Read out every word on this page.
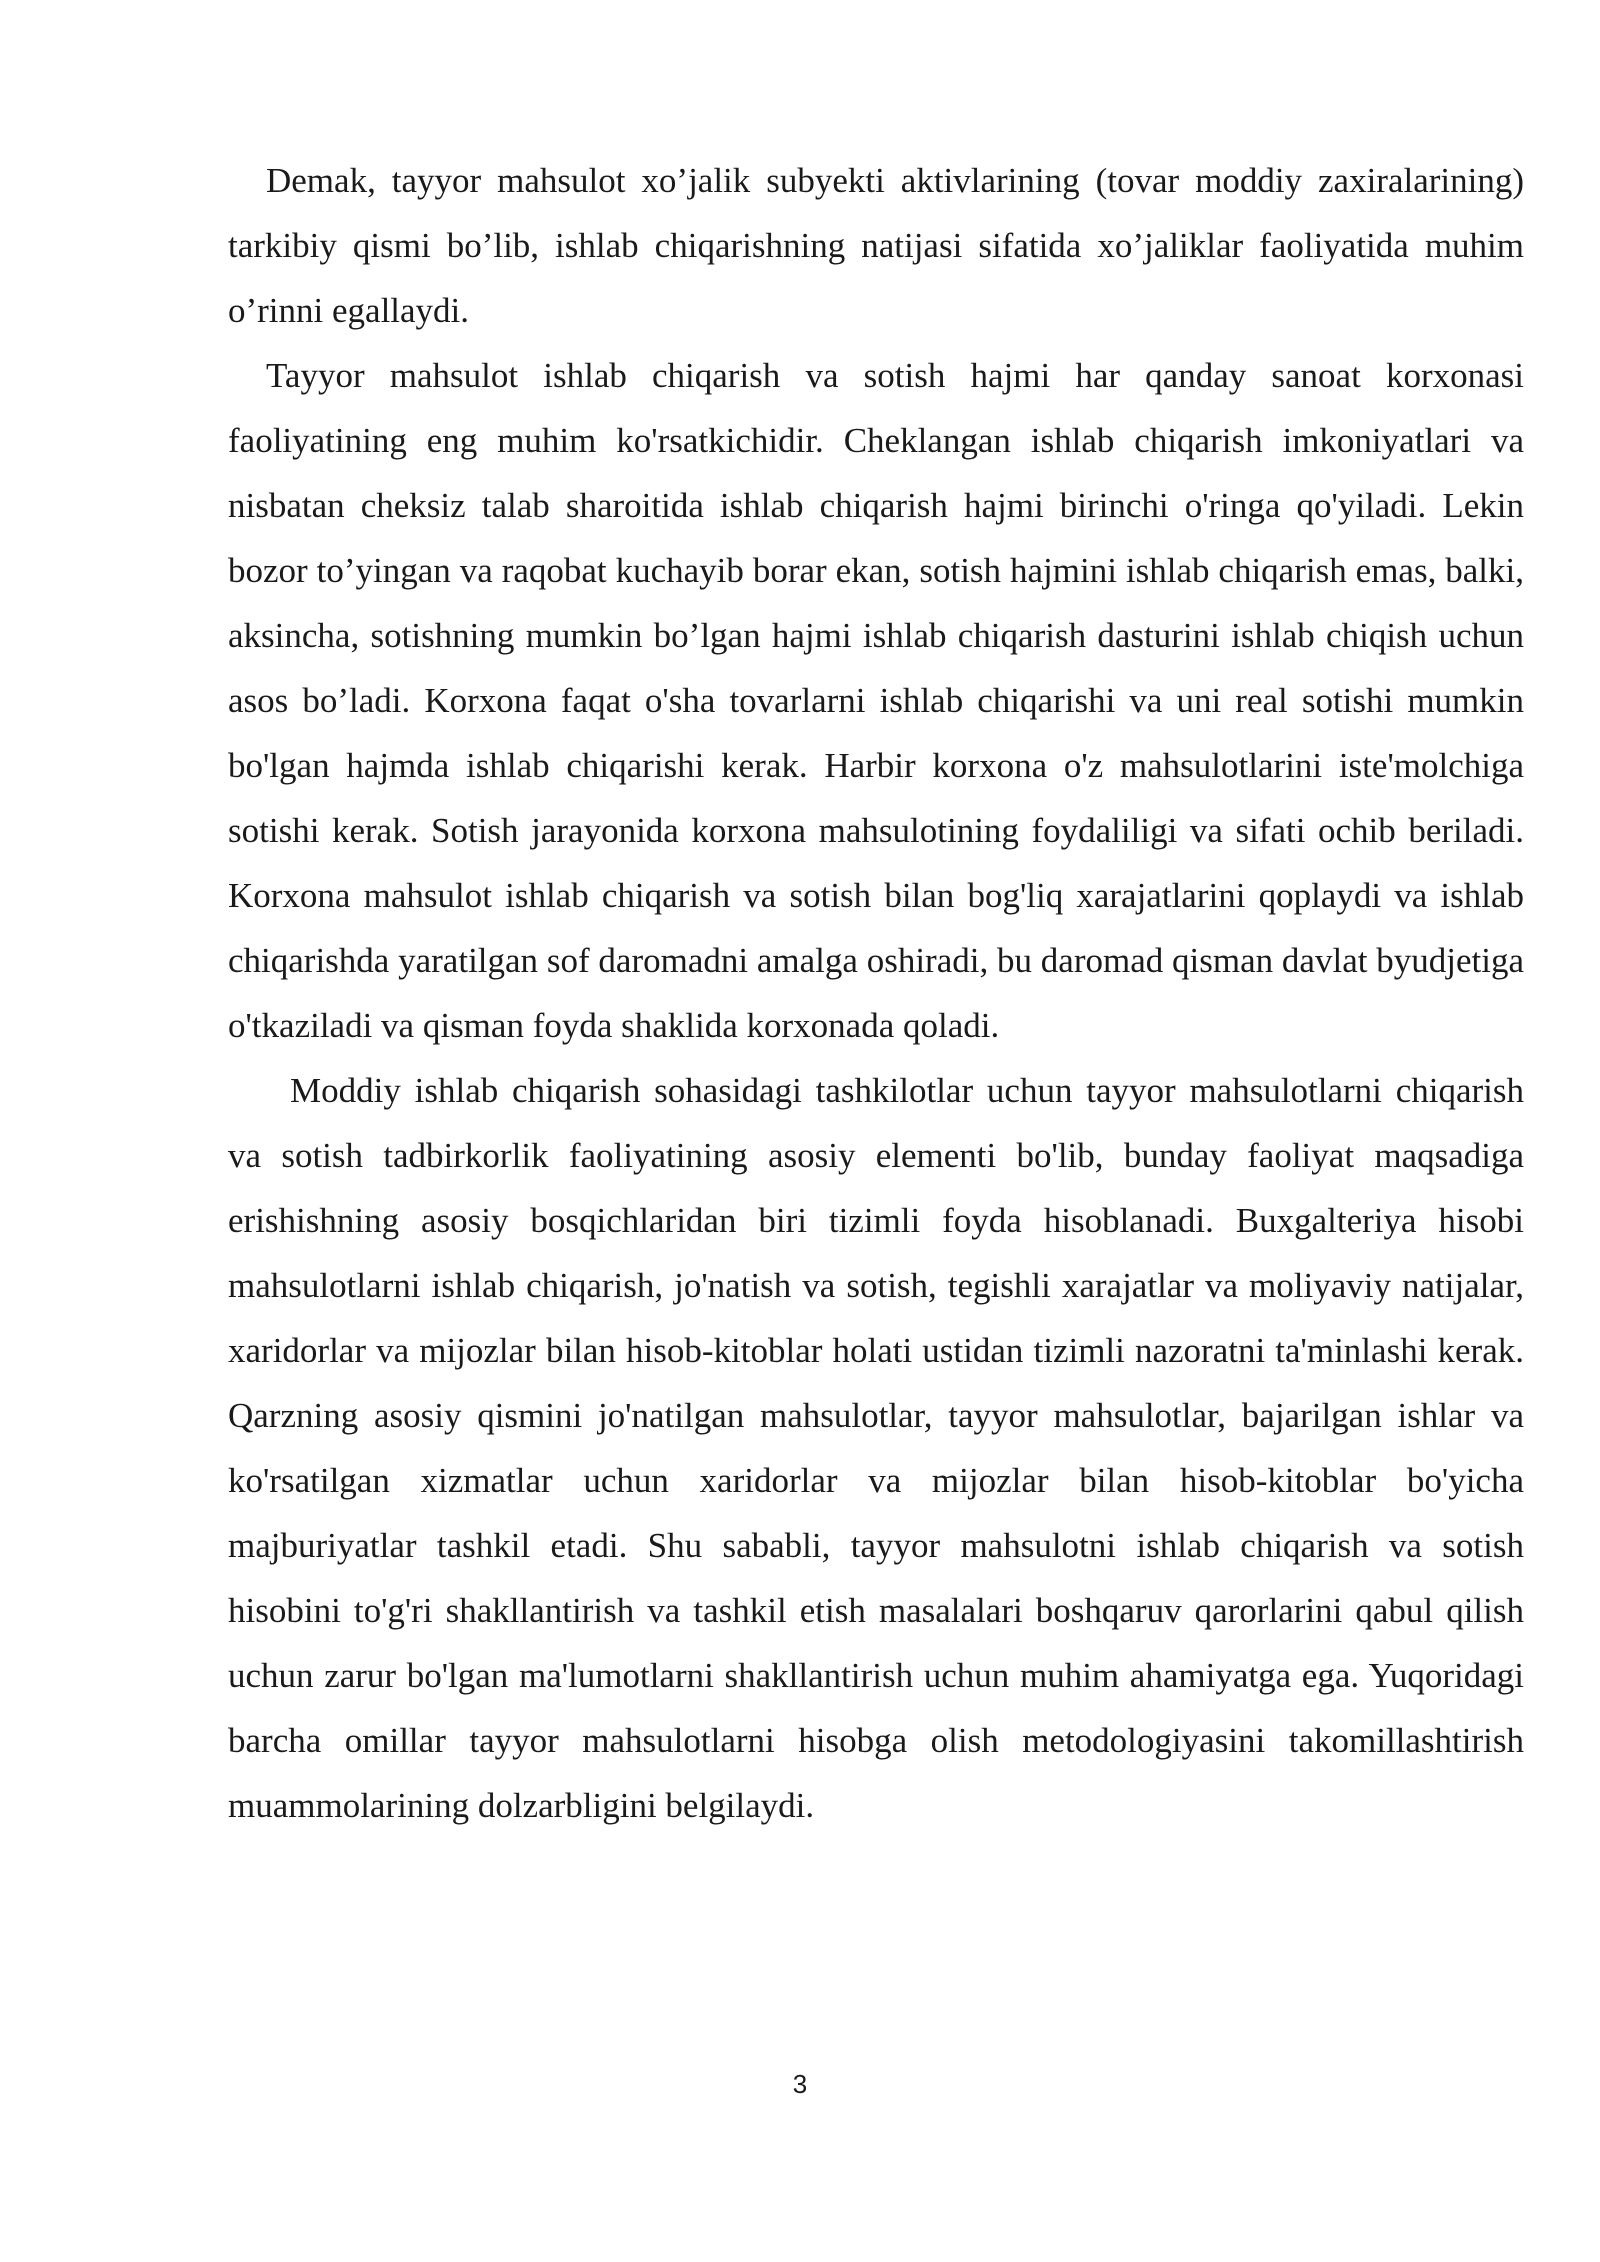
Demak, tayyor mahsulot xo’jalik subyekti aktivlarining (tovar moddiy zaxiralarining) tarkibiy qismi bo’lib, ishlab chiqarishning natijasi sifatida xo’jaliklar faoliyatida muhim o’rinni egallaydi.

Tayyor mahsulot ishlab chiqarish va sotish hajmi har qanday sanoat korxonasi faoliyatining eng muhim ko'rsatkichidir. Cheklangan ishlab chiqarish imkoniyatlari va nisbatan cheksiz talab sharoitida ishlab chiqarish hajmi birinchi o'ringa qo'yiladi. Lekin bozor to’yingan va raqobat kuchayib borar ekan, sotish hajmini ishlab chiqarish emas, balki, aksincha, sotishning mumkin bo’lgan hajmi ishlab chiqarish dasturini ishlab chiqish uchun asos bo’ladi. Korxona faqat o'sha tovarlarni ishlab chiqarishi va uni real sotishi mumkin bo'lgan hajmda ishlab chiqarishi kerak. Harbir korxona o'z mahsulotlarini iste'molchiga sotishi kerak. Sotish jarayonida korxona mahsulotining foydaliligi va sifati ochib beriladi. Korxona mahsulot ishlab chiqarish va sotish bilan bog'liq xarajatlarini qoplaydi va ishlab chiqarishda yaratilgan sof daromadni amalga oshiradi, bu daromad qisman davlat byudjetiga o'tkaziladi va qisman foyda shaklida korxonada qoladi.

Moddiy ishlab chiqarish sohasidagi tashkilotlar uchun tayyor mahsulotlarni chiqarish va sotish tadbirkorlik faoliyatining asosiy elementi bo'lib, bunday faoliyat maqsadiga erishishning asosiy bosqichlaridan biri tizimli foyda hisoblanadi. Buxgalteriya hisobi mahsulotlarni ishlab chiqarish, jo'natish va sotish, tegishli xarajatlar va moliyaviy natijalar, xaridorlar va mijozlar bilan hisob-kitoblar holati ustidan tizimli nazoratni ta'minlashi kerak. Qarzning asosiy qismini jo'natilgan mahsulotlar, tayyor mahsulotlar, bajarilgan ishlar va ko'rsatilgan xizmatlar uchun xaridorlar va mijozlar bilan hisob-kitoblar bo'yicha majburiyatlar tashkil etadi. Shu sababli, tayyor mahsulotni ishlab chiqarish va sotish hisobini to'g'ri shakllantirish va tashkil etish masalalari boshqaruv qarorlarini qabul qilish uchun zarur bo'lgan ma'lumotlarni shakllantirish uchun muhim ahamiyatga ega. Yuqoridagi barcha omillar tayyor mahsulotlarni hisobga olish metodologiyasini takomillashtirish muammolarining dolzarbligini belgilaydi.

3
